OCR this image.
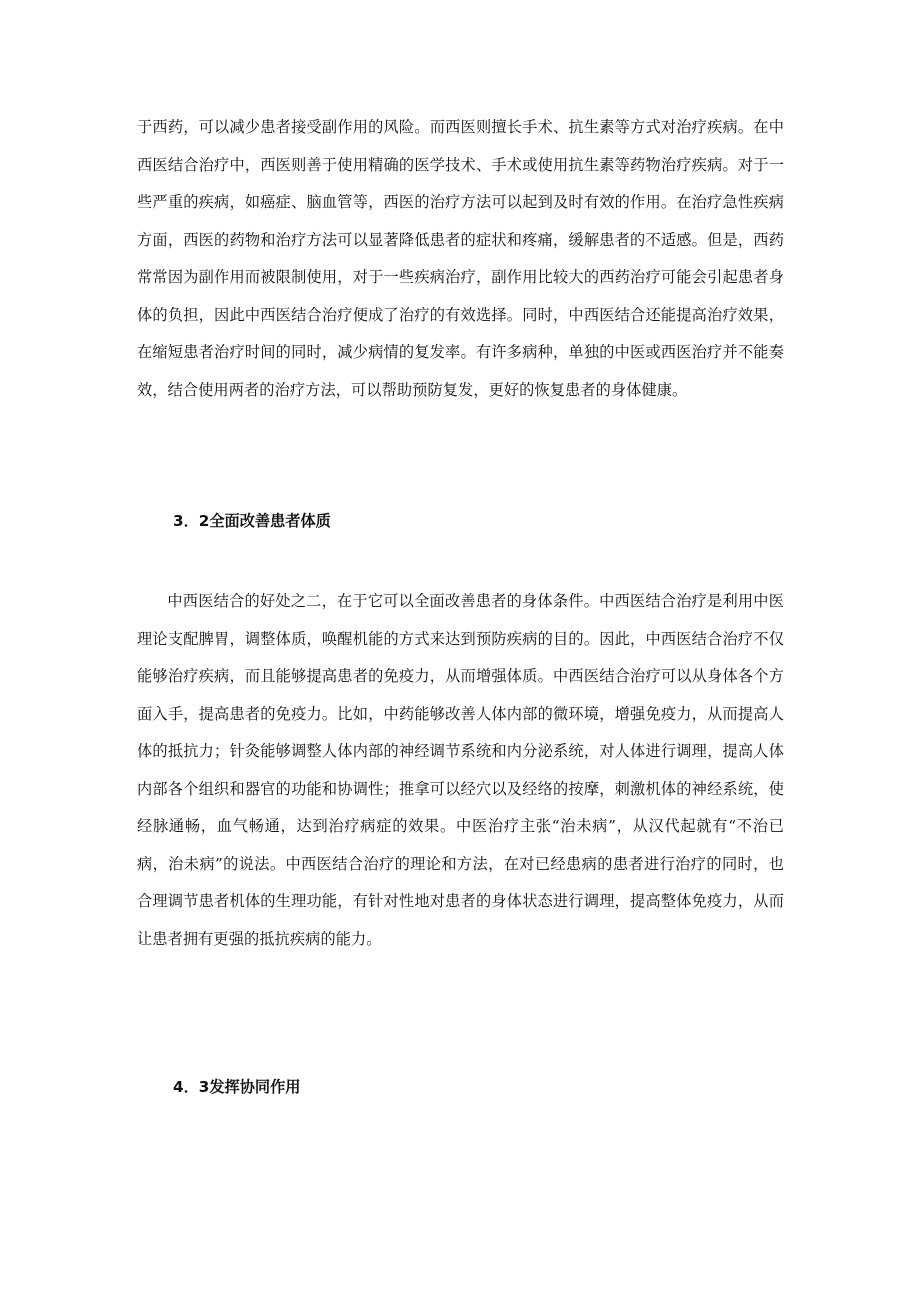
于西药，可以减少患者接受副作用的风险。而西医则擅长手术、抗生素等方式对治疗疾病。在中西医结合治疗中，西医则善于使用精确的医学技术、手术或使用抗生素等药物治疗疾病。对于一些严重的疾病，如癌症、脑血管等，西医的治疗方法可以起到及时有效的作用。在治疗急性疾病方面，西医的药物和治疗方法可以显著降低患者的症状和疼痛，缓解患者的不适感。但是，西药常常因为副作用而被限制使用，对于一些疾病治疗，副作用比较大的西药治疗可能会引起患者身体的负担，因此中西医结合治疗便成了治疗的有效选择。同时，中西医结合还能提高治疗效果，在缩短患者治疗时间的同时，减少病情的复发率。有许多病种，单独的中医或西医治疗并不能奏效，结合使用两者的治疗方法，可以帮助预防复发，更好的恢复患者的身体健康。

3．2全面改善患者体质

中西医结合的好处之二，在于它可以全面改善患者的身体条件。中西医结合治疗是利用中医理论支配脾胃，调整体质，唤醒机能的方式来达到预防疾病的目的。因此，中西医结合治疗不仅能够治疗疾病，而且能够提高患者的免疫力，从而增强体质。中西医结合治疗可以从身体各个方面入手，提高患者的免疫力。比如，中药能够改善人体内部的微环境，增强免疫力，从而提高人体的抵抗力；针灸能够调整人体内部的神经调节系统和内分泌系统，对人体进行调理，提高人体内部各个组织和器官的功能和协调性；推拿可以经穴以及经络的按摩，刺激机体的神经系统，使经脉通畅，血气畅通，达到治疗病症的效果。中医治疗主张“治未病”，从汉代起就有“不治已病，治未病”的说法。中西医结合治疗的理论和方法，在对已经患病的患者进行治疗的同时，也合理调节患者机体的生理功能，有针对性地对患者的身体状态进行调理，提高整体免疫力，从而让患者拥有更强的抵抗疾病的能力。

4．3发挥协同作用
